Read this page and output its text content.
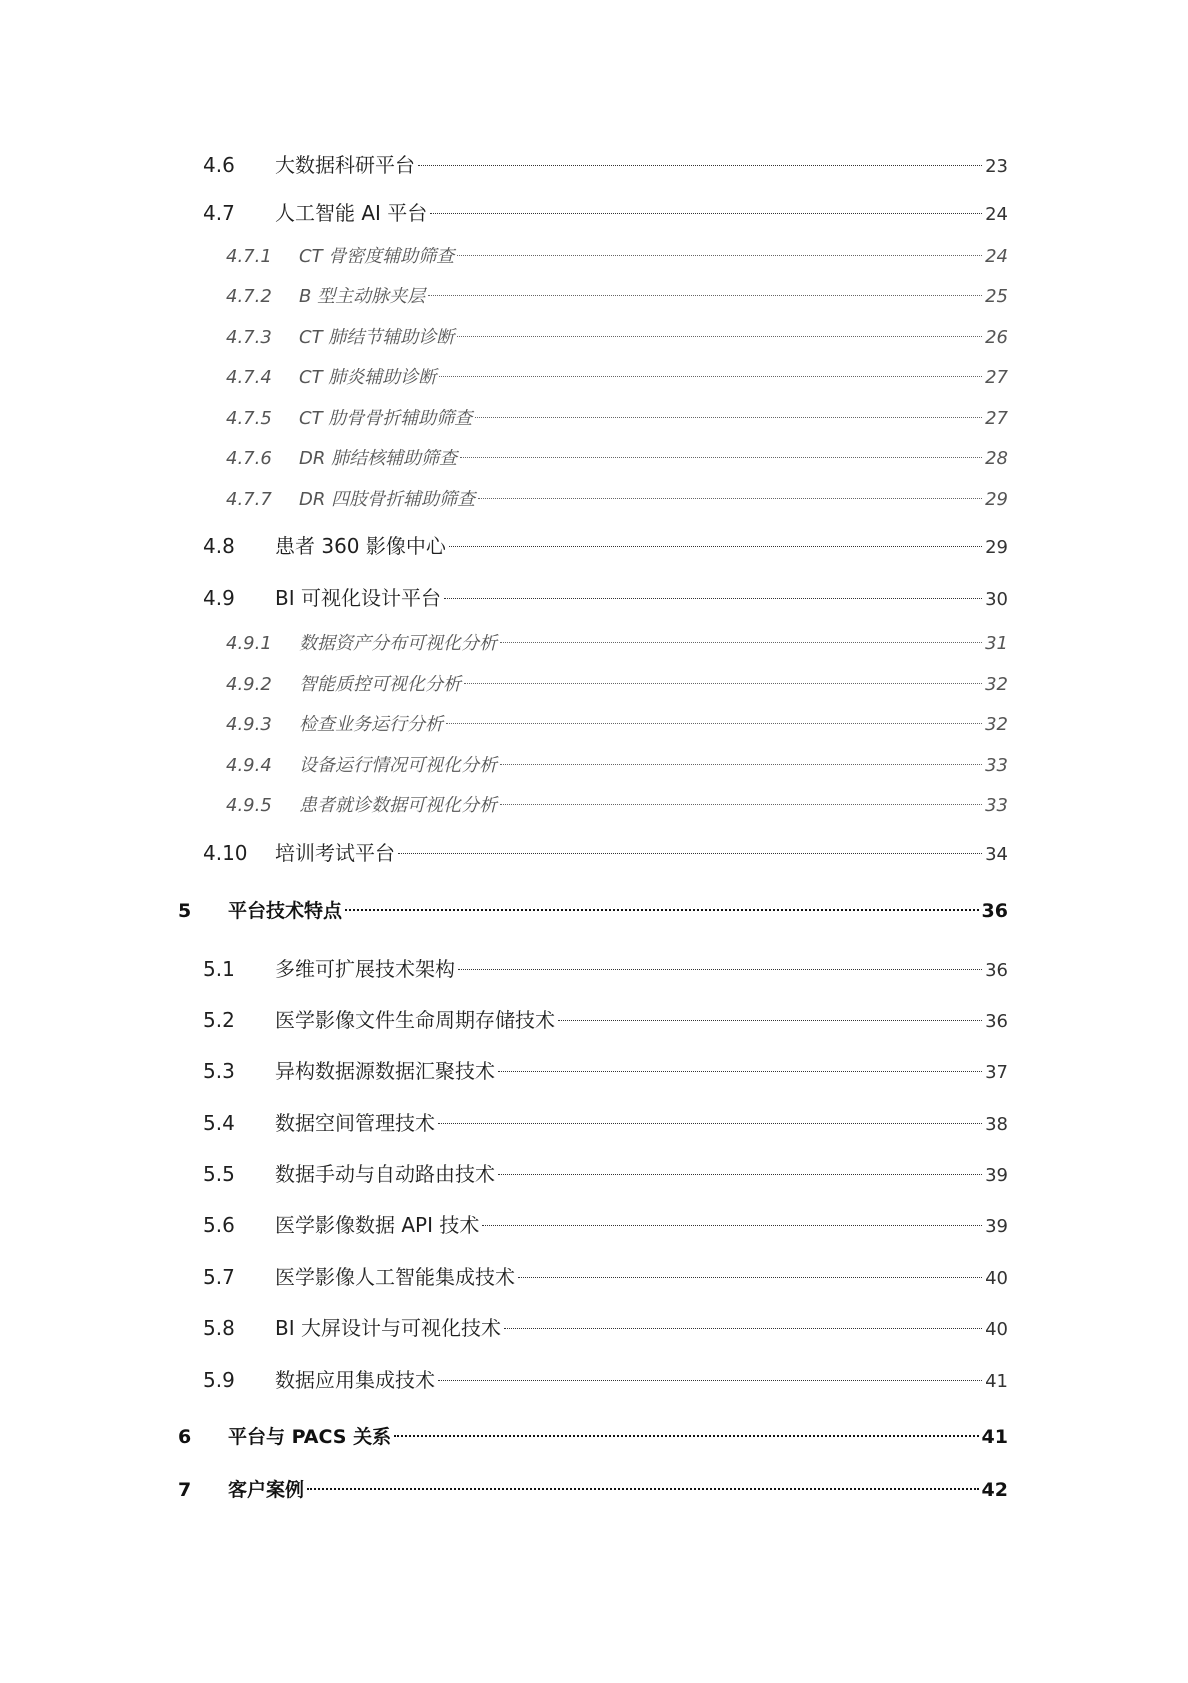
4.6	大数据科研平台	23
4.7	人工智能 AI 平台	24
4.7.1	CT 骨密度辅助筛查	24
4.7.2	B 型主动脉夹层	25
4.7.3	CT 肺结节辅助诊断	26
4.7.4	CT 肺炎辅助诊断	27
4.7.5	CT 肋骨骨折辅助筛查	27
4.7.6	DR 肺结核辅助筛查	28
4.7.7	DR 四肢骨折辅助筛查	29
4.8	患者 360 影像中心	29
4.9	BI 可视化设计平台	30
4.9.1	数据资产分布可视化分析	31
4.9.2	智能质控可视化分析	32
4.9.3	检查业务运行分析	32
4.9.4	设备运行情况可视化分析	33
4.9.5	患者就诊数据可视化分析	33
4.10	培训考试平台	34
5	平台技术特点	36
5.1	多维可扩展技术架构	36
5.2	医学影像文件生命周期存储技术	36
5.3	异构数据源数据汇聚技术	37
5.4	数据空间管理技术	38
5.5	数据手动与自动路由技术	39
5.6	医学影像数据 API 技术	39
5.7	医学影像人工智能集成技术	40
5.8	BI 大屏设计与可视化技术	40
5.9	数据应用集成技术	41
6	平台与 PACS 关系	41
7	客户案例	42
